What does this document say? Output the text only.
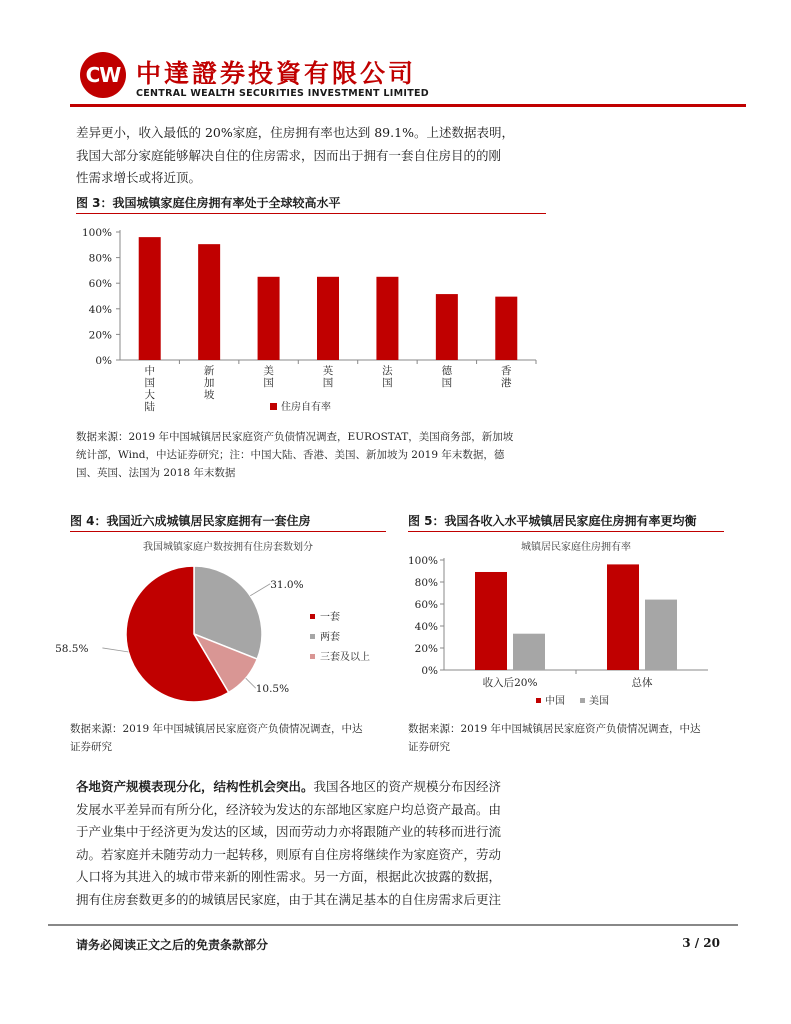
CW 中達證券投資有限公司
CENTRAL WEALTH SECURITIES INVESTMENT LIMITED
差异更小，收入最低的 20%家庭，住房拥有率也达到 89.1%。上述数据表明，
我国大部分家庭能够解决自住的住房需求，因而出于拥有一套自住房目的的刚
性需求增长或将近顶。
图 3：我国城镇家庭住房拥有率处于全球较高水平
0%
20%
40%
60%
80%
100%
中国大陆
新加坡
美国
英国
法国
德国
香港
住房自有率
数据来源：2019 年中国城镇居民家庭资产负债情况调查，EUROSTAT，美国商务部，新加坡
统计部，Wind，中达证券研究；注：中国大陆、香港、美国、新加坡为 2019 年末数据，德
国、英国、法国为 2018 年末数据
图 4：我国近六成城镇居民家庭拥有一套住房
我国城镇家庭户数按拥有住房套数划分
58.5%
31.0%
10.5%
一套
两套
三套及以上
数据来源：2019 年中国城镇居民家庭资产负债情况调查，中达
证券研究
图 5：我国各收入水平城镇居民家庭住房拥有率更均衡
城镇居民家庭住房拥有率
0%
20%
40%
60%
80%
100%
收入后20%	总体
中国 美国
数据来源：2019 年中国城镇居民家庭资产负债情况调查，中达
证券研究
各地资产规模表现分化，结构性机会突出。我国各地区的资产规模分布因经济
发展水平差异而有所分化，经济较为发达的东部地区家庭户均总资产最高。由
于产业集中于经济更为发达的区域，因而劳动力亦将跟随产业的转移而进行流
动。若家庭并未随劳动力一起转移，则原有自住房将继续作为家庭资产，劳动
人口将为其进入的城市带来新的刚性需求。另一方面，根据此次披露的数据，
拥有住房套数更多的的城镇居民家庭，由于其在满足基本的自住房需求后更注
请务必阅读正文之后的免责条款部分	3 / 20
